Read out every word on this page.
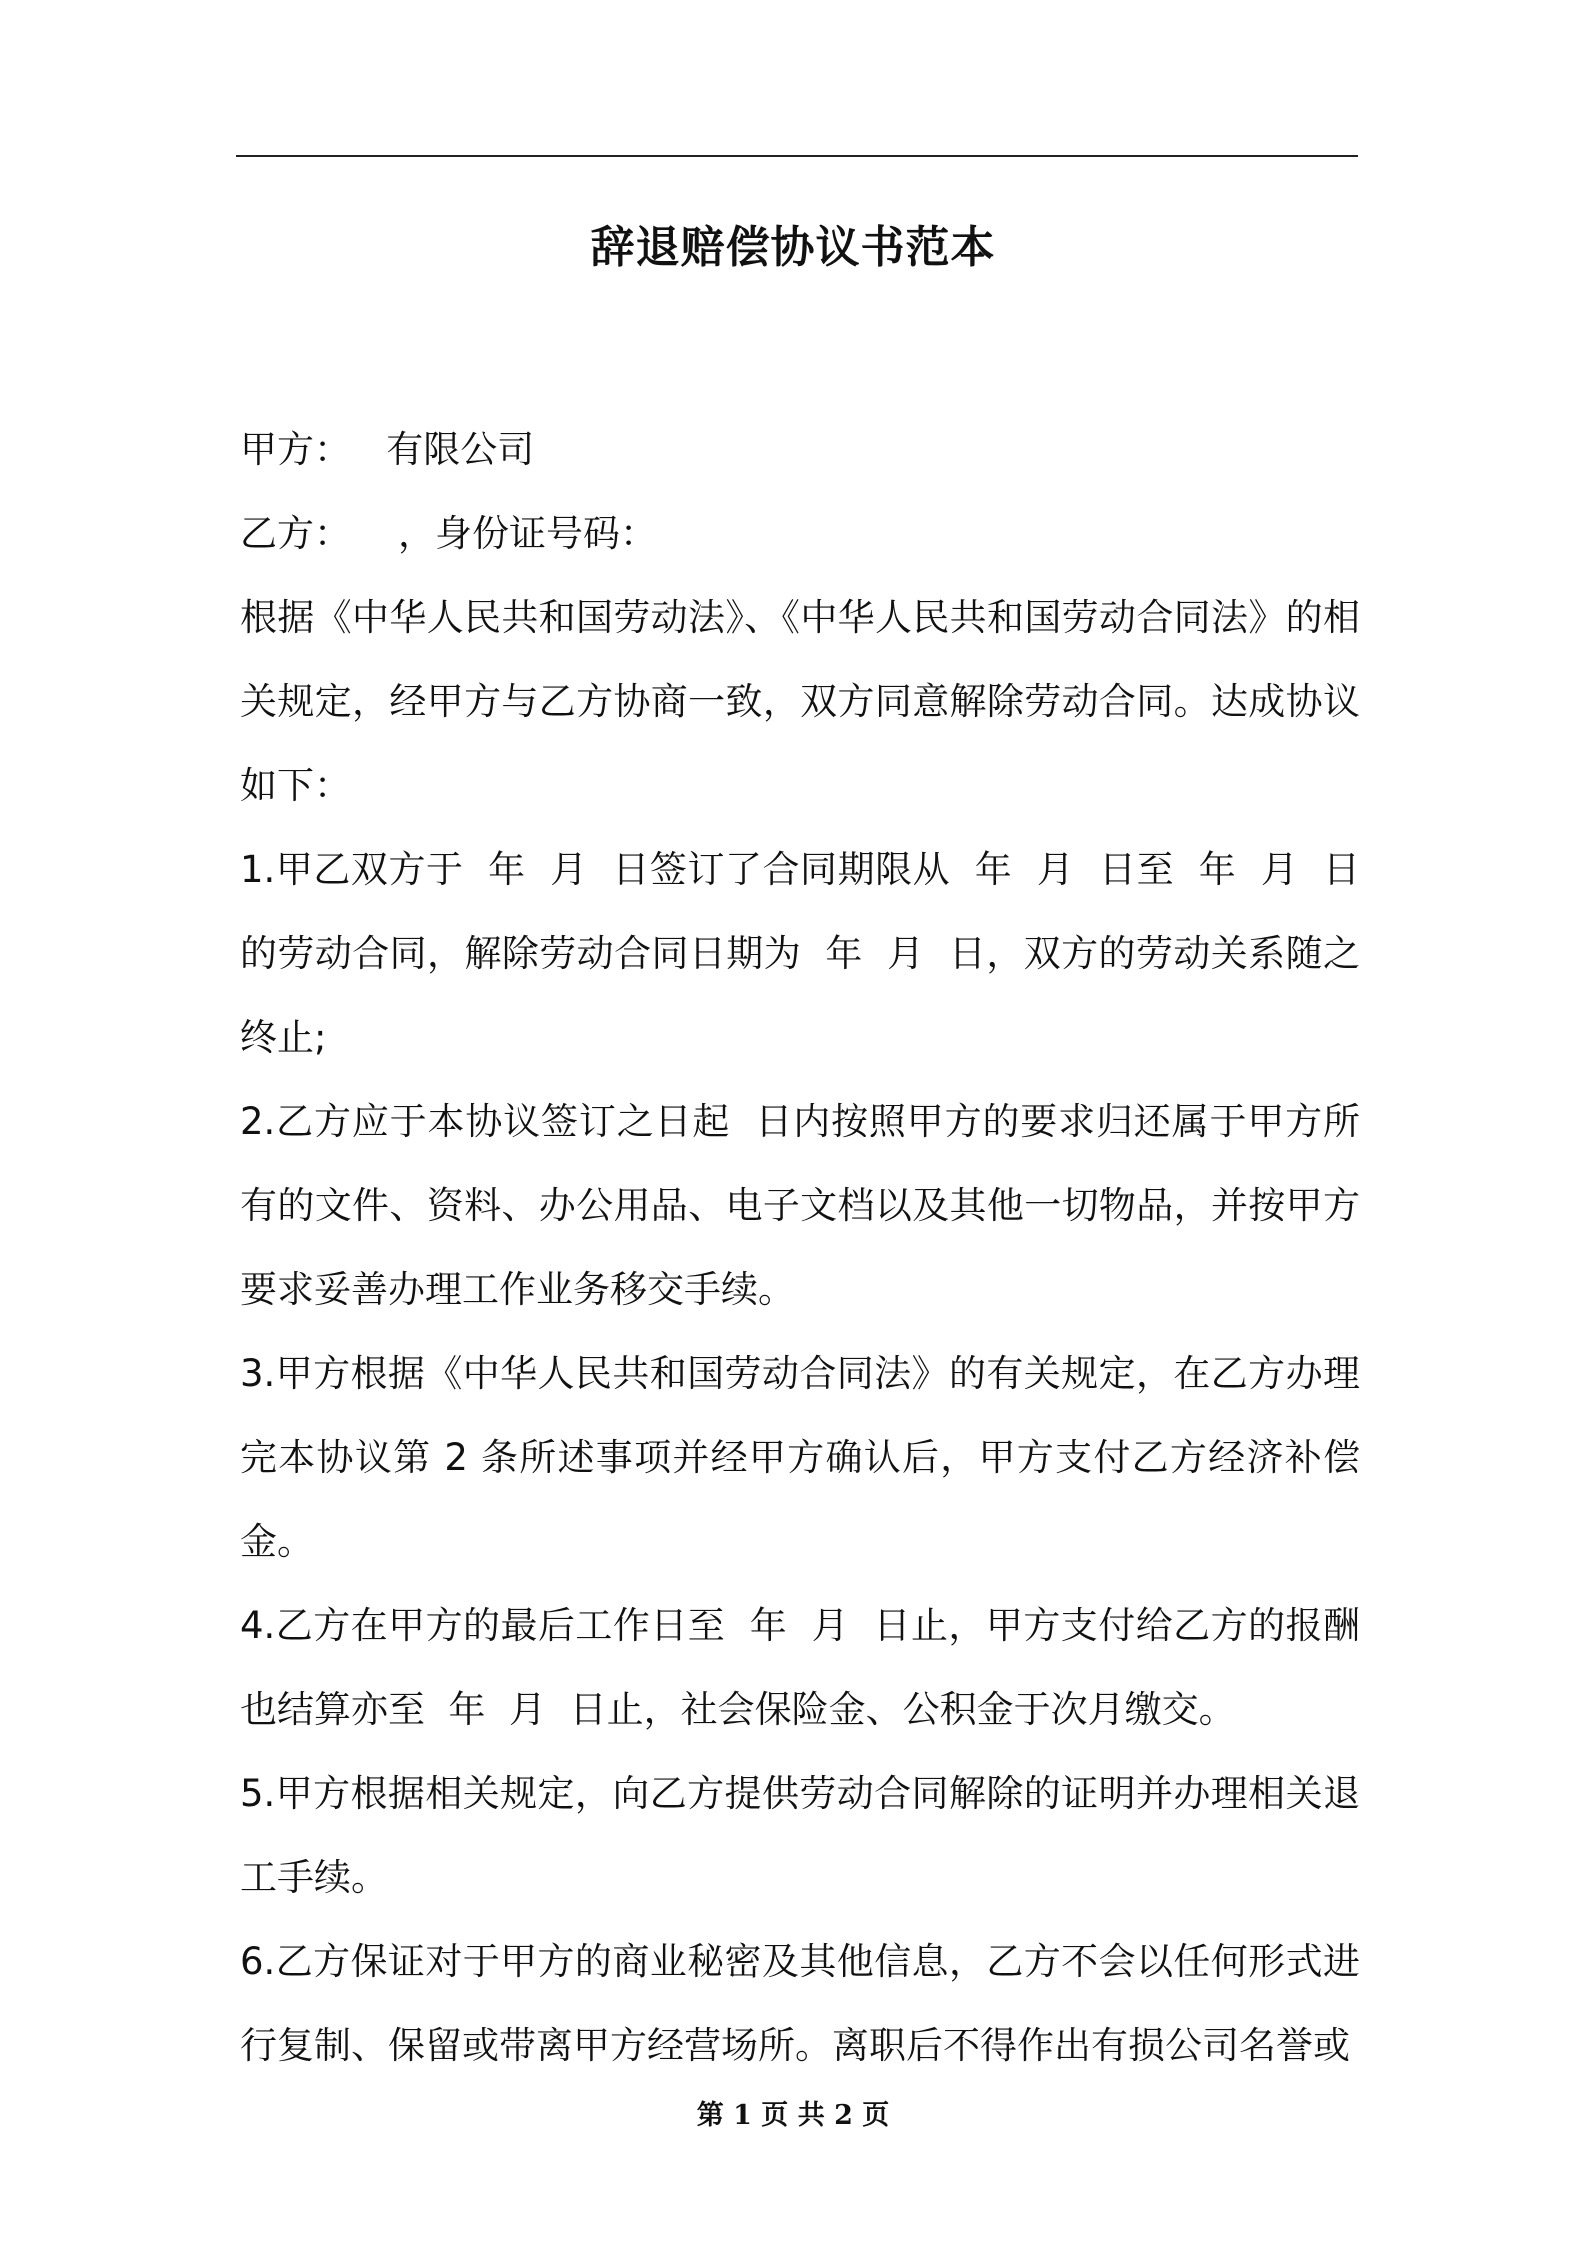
辞退赔偿协议书范本

甲方：   有限公司

乙方：    ，身份证号码：

根据《中华人民共和国劳动法》、《中华人民共和国劳动合同法》的相关规定，经甲方与乙方协商一致，双方同意解除劳动合同。达成协议如下：

1.甲乙双方于  年  月  日签订了合同期限从  年  月  日至  年  月  日的劳动合同，解除劳动合同日期为  年  月  日，双方的劳动关系随之终止;

2.乙方应于本协议签订之日起  日内按照甲方的要求归还属于甲方所有的文件、资料、办公用品、电子文档以及其他一切物品，并按甲方要求妥善办理工作业务移交手续。

3.甲方根据《中华人民共和国劳动合同法》的有关规定，在乙方办理完本协议第 2 条所述事项并经甲方确认后，甲方支付乙方经济补偿金。

4.乙方在甲方的最后工作日至  年  月  日止，甲方支付给乙方的报酬也结算亦至  年  月  日止，社会保险金、公积金于次月缴交。

5.甲方根据相关规定，向乙方提供劳动合同解除的证明并办理相关退工手续。

6.乙方保证对于甲方的商业秘密及其他信息，乙方不会以任何形式进行复制、保留或带离甲方经营场所。离职后不得作出有损公司名誉或

第 1 页 共 2 页
